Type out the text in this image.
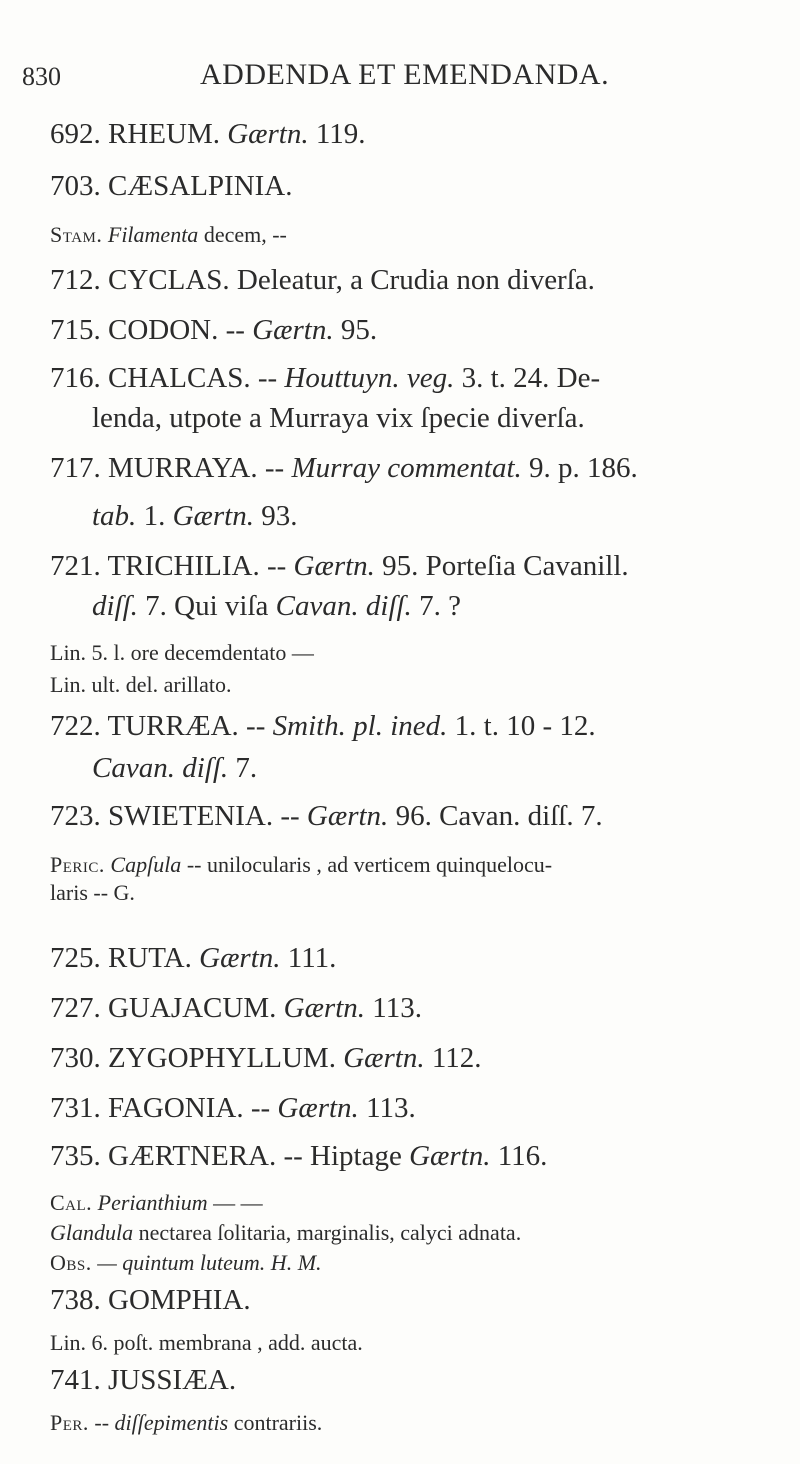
830	ADDENDA ET EMENDANDA.
692. RHEUM. Gærtn. 119.
703. CÆSALPINIA.
Stam. Filamenta decem, --
712. CYCLAS. Deleatur, a Crudia non diverſa.
715. CODON. -- Gærtn. 95.
716. CHALCAS. -- Houttuyn. veg. 3. t. 24. De-
lenda, utpote a Murraya vix ſpecie diverſa.
717. MURRAYA. -- Murray commentat. 9. p. 186.
tab. 1. Gærtn. 93.
721. TRICHILIA. -- Gærtn. 95. Porteſia Cavanill.
diſſ. 7. Qui viſa Cavan. diſſ. 7. ?
Lin. 5. l. ore decemdentato —
Lin. ult. del. arillato.
722. TURRÆA. -- Smith. pl. ined. 1. t. 10 - 12.
Cavan. diſſ. 7.
723. SWIETENIA. -- Gærtn. 96. Cavan. diſſ. 7.
Peric. Capſula -- unilocularis , ad verticem quinquelocu-
laris -- G.
725. RUTA. Gærtn. 111.
727. GUAJACUM. Gærtn. 113.
730. ZYGOPHYLLUM. Gærtn. 112.
731. FAGONIA. -- Gærtn. 113.
735. GÆRTNERA. -- Hiptage Gærtn. 116.
Cal. Perianthium — —
Glandula nectarea ſolitaria, marginalis, calyci adnata.
Obs. — quintum luteum. H. M.
738. GOMPHIA.
Lin. 6. poſt. membrana , add. aucta.
741. JUSSIÆA.
Per. -- diſſepimentis contrariis.
